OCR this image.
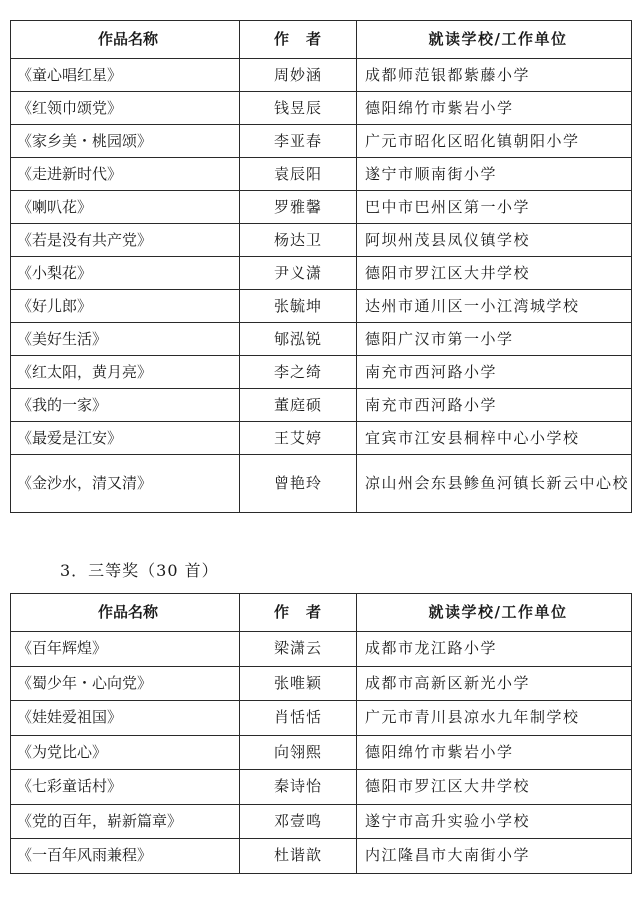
作品名称	作　者	就读学校/工作单位
《童心唱红星》	周妙涵	成都师范银都紫藤小学
《红领巾颂党》	钱昱辰	德阳绵竹市紫岩小学
《家乡美・桃园颂》	李亚春	广元市昭化区昭化镇朝阳小学
《走进新时代》	袁辰阳	遂宁市顺南街小学
《喇叭花》	罗雅馨	巴中市巴州区第一小学
《若是没有共产党》	杨达卫	阿坝州茂县凤仪镇学校
《小梨花》	尹义潇	德阳市罗江区大井学校
《好儿郎》	张毓坤	达州市通川区一小江湾城学校
《美好生活》	郇泓锐	德阳广汉市第一小学
《红太阳，黄月亮》	李之绮	南充市西河路小学
《我的一家》	董庭硕	南充市西河路小学
《最爱是江安》	王艾婷	宜宾市江安县桐梓中心小学校
《金沙水，清又清》	曾艳玲	凉山州会东县鲹鱼河镇长新云中心校

3．三等奖（30 首）

作品名称	作　者	就读学校/工作单位
《百年辉煌》	梁潇云	成都市龙江路小学
《蜀少年・心向党》	张唯颖	成都市高新区新光小学
《娃娃爱祖国》	肖恬恬	广元市青川县凉水九年制学校
《为党比心》	向翎熙	德阳绵竹市紫岩小学
《七彩童话村》	秦诗怡	德阳市罗江区大井学校
《党的百年，崭新篇章》	邓壹鸣	遂宁市高升实验小学校
《一百年风雨兼程》	杜谐歆	内江隆昌市大南街小学
